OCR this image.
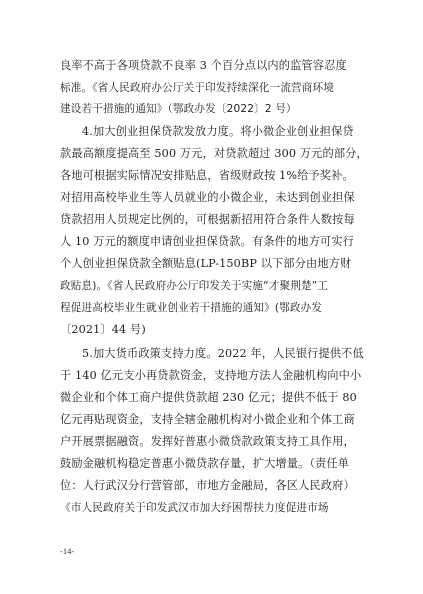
良率不高于各项贷款不良率 3 个百分点以内的监管容忍度
标准。《省人民政府办公厅关于印发持续深化一流营商环境
建设若干措施的通知》（鄂政办发〔2022〕2 号）
4.加大创业担保贷款发放力度。将小微企业创业担保贷
款最高额度提高至 500 万元，对贷款超过 300 万元的部分，
各地可根据实际情况安排贴息，省级财政按 1%给予奖补。
对招用高校毕业生等人员就业的小微企业，未达到创业担保
贷款招用人员规定比例的，可根据新招用符合条件人数按每
人 10 万元的额度申请创业担保贷款。有条件的地方可实行
个人创业担保贷款全额贴息(LP-150BP 以下部分由地方财
政贴息)。《省人民政府办公厅印发关于实施“才聚荆楚”工
程促进高校毕业生就业创业若干措施的通知》(鄂政办发
〔2021〕44 号)
5.加大货币政策支持力度。2022 年，人民银行提供不低
于 140 亿元支小再贷款资金，支持地方法人金融机构向中小
微企业和个体工商户提供贷款超 230 亿元；提供不低于 80
亿元再贴现资金，支持全辖金融机构对小微企业和个体工商
户开展票据融资。发挥好普惠小微贷款政策支持工具作用，
鼓励金融机构稳定普惠小微贷款存量，扩大增量。（责任单
位：人行武汉分行营管部，市地方金融局，各区人民政府）
《市人民政府关于印发武汉市加大纾困帮扶力度促进市场
-14-
